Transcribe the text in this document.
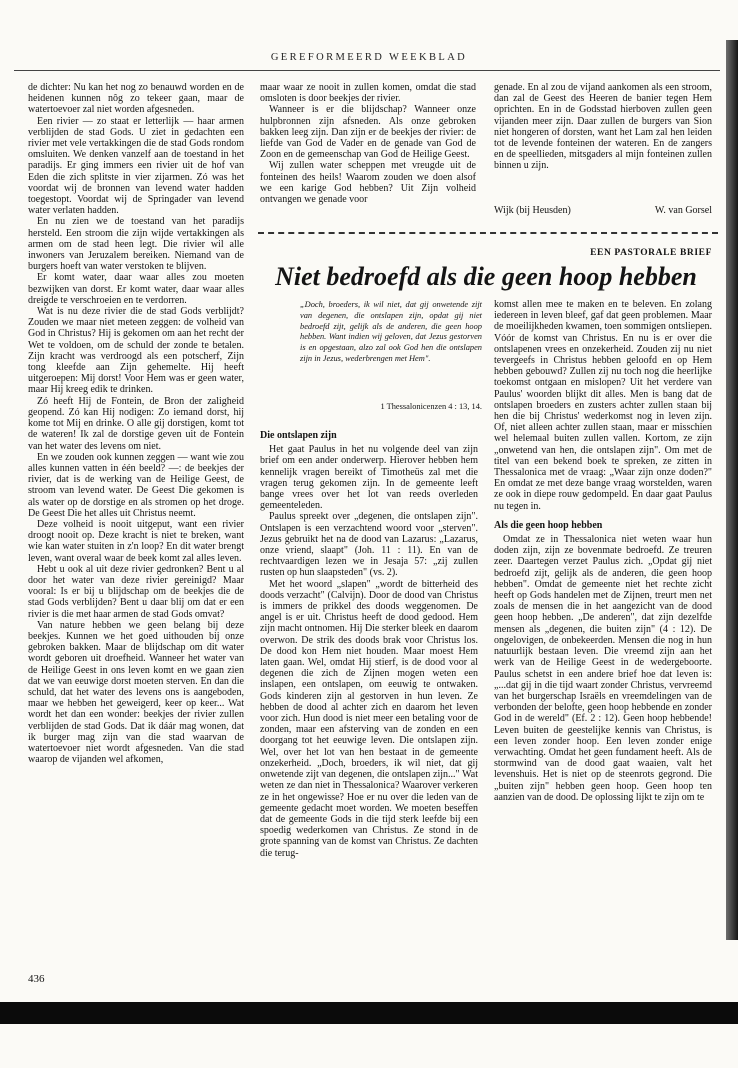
GEREFORMEERD WEEKBLAD

de dichter: Nu kan het nog zo benauwd worden en de heidenen kunnen nôg zo tekeer gaan, maar de watertoevoer zal niet worden afgesneden.

Een rivier — zo staat er letterlijk — haar armen verblijden de stad Gods. U ziet in gedachten een rivier met vele vertakkingen die de stad Gods rondom omsluiten. We denken vanzelf aan de toestand in het paradijs. Er ging immers een rivier uit de hof van Eden die zich splitste in vier zijarmen. Zó was het voordat wij de bronnen van levend water hadden toegestopt. Voordat wij de Springader van levend water verlaten hadden.

En nu zien we de toestand van het paradijs hersteld. Een stroom die zijn wijde vertakkingen als armen om de stad heen legt. Die rivier wil alle inwoners van Jeruzalem bereiken. Niemand van de burgers hoeft van water verstoken te blijven.

Er komt water, daar waar alles zou moeten bezwijken van dorst. Er komt water, daar waar alles dreigde te verschroeien en te verdorren.

Wat is nu deze rivier die de stad Gods verblijdt? Zouden we maar niet meteen zeggen: de volheid van God in Christus? Hij is gekomen om aan het recht der Wet te voldoen, om de schuld der zonde te betalen. Zijn kracht was verdroogd als een potscherf, Zijn tong kleefde aan Zijn gehemelte. Hij heeft uitgeroepen: Mij dorst! Voor Hem was er geen water, maar Hij kreeg edik te drinken.

Zó heeft Hij de Fontein, de Bron der zaligheid geopend. Zó kan Hij nodigen: Zo iemand dorst, hij kome tot Mij en drinke. O alle gij dorstigen, komt tot de wateren! Ik zal de dorstige geven uit de Fontein van het water des levens om niet.

En we zouden ook kunnen zeggen — want wie zou alles kunnen vatten in één beeld? —: de beekjes der rivier, dat is de werking van de Heilige Geest, de stroom van levend water. De Geest Die gekomen is als water op de dorstige en als stromen op het droge. De Geest Die het alles uit Christus neemt.

Deze volheid is nooit uitgeput, want een rivier droogt nooit op. Deze kracht is niet te breken, want wie kan water stuiten in z'n loop? En dit water brengt leven, want overal waar de beek komt zal alles leven.

Hebt u ook al uit deze rivier gedronken? Bent u al door het water van deze rivier gereinigd? Maar vooral: Is er bij u blijdschap om de beekjes die de stad Gods verblijden? Bent u daar blij om dat er een rivier is die met haar armen de stad Gods omvat?

Van nature hebben we geen belang bij deze beekjes. Kunnen we het goed uithouden bij onze gebroken bakken. Maar de blijdschap om dit water wordt geboren uit droefheid. Wanneer het water van de Heilige Geest in ons leven komt en we gaan zien dat we van eeuwige dorst moeten sterven. En dan die schuld, dat het water des levens ons is aangeboden, maar we hebben het geweigerd, keer op keer... Wat wordt het dan een wonder: beekjes der rivier zullen verblijden de stad Gods. Dat ik dáár mag wonen, dat ik burger mag zijn van die stad waarvan de watertoevoer niet wordt afgesneden. Van die stad waarop de vijanden wel afkomen,

maar waar ze nooit in zullen komen, omdat die stad omsloten is door beekjes der rivier.

Wanneer is er die blijdschap? Wanneer onze hulpbronnen zijn afsneden. Als onze gebroken bakken leeg zijn. Dan zijn er de beekjes der rivier: de liefde van God de Vader en de genade van God de Zoon en de gemeenschap van God de Heilige Geest.

Wij zullen water scheppen met vreugde uit de fonteinen des heils! Waarom zouden we doen alsof we een karige God hebben? Uit Zijn volheid ontvangen we genade voor

genade. En al zou de vijand aankomen als een stroom, dan zal de Geest des Heeren de banier tegen Hem oprichten. En in de Godsstad hierboven zullen geen vijanden meer zijn. Daar zullen de burgers van Sion niet hongeren of dorsten, want het Lam zal hen leiden tot de levende fonteinen der wateren. En de zangers en de speellieden, mitsgaders al mijn fonteinen zullen binnen u zijn.

Wijk (bij Heusden)	W. van Gorsel
EEN PASTORALE BRIEF
Niet bedroefd als die geen hoop hebben
„Doch, broeders, ik wil niet, dat gij onwetende zijt van degenen, die ontslapen zijn, opdat gij niet bedroefd zijt, gelijk als de anderen, die geen hoop hebben. Want indien wij geloven, dat Jezus gestorven is en opgestaan, alzo zal ook God hen die ontslapen zijn in Jezus, wederbrengen met Hem".
1 Thessalonicenzen 4 : 13, 14.
Die ontslapen zijn

Het gaat Paulus in het nu volgende deel van zijn brief om een ander onderwerp. Hierover hebben hem kennelijk vragen bereikt of Timotheüs zal met die vragen terug gekomen zijn. In de gemeente leeft bange vrees over het lot van reeds overleden gemeenteleden.

Paulus spreekt over „degenen, die ontslapen zijn". Ontslapen is een verzachtend woord voor „sterven". Jezus gebruikt het na de dood van Lazarus: „Lazarus, onze vriend, slaapt" (Joh. 11 : 11). En van de rechtvaardigen lezen we in Jesaja 57: „zij zullen rusten op hun slaapsteden" (vs. 2).

Met het woord „slapen" „wordt de bitterheid des doods verzacht" (Calvijn). Door de dood van Christus is immers de prikkel des doods weggenomen. De angel is er uit. Christus heeft de dood gedood. Hem zijn macht ontnomen. Hij Die sterker bleek en daarom overwon. De strik des doods brak voor Christus los. De dood kon Hem niet houden. Maar moest Hem laten gaan. Wel, omdat Hij stierf, is de dood voor al degenen die zich de Zijnen mogen weten een inslapen, een ontslapen, om eeuwig te ontwaken. Gods kinderen zijn al gestorven in hun leven. Ze hebben de dood al achter zich en daarom het leven voor zich. Hun dood is niet meer een betaling voor de zonden, maar een afsterving van de zonden en een doorgang tot het eeuwige leven. Die ontslapen zijn. Wel, over het lot van hen bestaat in de gemeente onzekerheid. „Doch, broeders, ik wil niet, dat gij onwetende zijt van degenen, die ontslapen zijn..." Wat weten ze dan niet in Thessalonica? Waarover verkeren ze in het ongewisse? Hoe er nu over die leden van de gemeente gedacht moet worden. We moeten beseffen dat de gemeente Gods in die tijd sterk leefde bij een spoedig wederkomen van Christus. Ze stond in de grote spanning van de komst van Christus. Ze dachten die terug-

komst allen mee te maken en te beleven. En zolang iedereen in leven bleef, gaf dat geen problemen. Maar de moeilijkheden kwamen, toen sommigen ontsliepen. Vóór de komst van Christus. En nu is er over die ontslapenen vrees en onzekerheid. Zouden zij nu niet tevergeefs in Christus hebben geloofd en op Hem hebben gebouwd? Zullen zij nu toch nog die heerlijke toekomst ontgaan en mislopen? Uit het verdere van Paulus' woorden blijkt dit alles. Men is bang dat de ontslapen broeders en zusters achter zullen staan bij hen die bij Christus' wederkomst nog in leven zijn. Of, niet alleen achter zullen staan, maar er misschien wel helemaal buiten zullen vallen. Kortom, ze zijn „onwetend van hen, die ontslapen zijn". Om met de titel van een bekend boek te spreken, ze zitten in Thessalonica met de vraag: „Waar zijn onze doden?" En omdat ze met deze bange vraag worstelden, waren ze ook in diepe rouw gedompeld. En daar gaat Paulus nu tegen in.

Als die geen hoop hebben

Omdat ze in Thessalonica niet weten waar hun doden zijn, zijn ze bovenmate bedroefd. Ze treuren zeer. Daartegen verzet Paulus zich. „Opdat gij niet bedroefd zijt, gelijk als de anderen, die geen hoop hebben". Omdat de gemeente niet het rechte zicht heeft op Gods handelen met de Zijnen, treurt men net zoals de mensen die in het aangezicht van de dood geen hoop hebben. „De anderen", dat zijn dezelfde mensen als „degenen, die buiten zijn" (4 : 12). De ongelovigen, de onbekeerden. Mensen die nog in hun natuurlijk bestaan leven. Die vreemd zijn aan het werk van de Heilige Geest in de wedergeboorte. Paulus schetst in een andere brief hoe dat leven is: „...dat gij in die tijd waart zonder Christus, vervreemd van het burgerschap Israëls en vreemdelingen van de verbonden der belofte, geen hoop hebbende en zonder God in de wereld" (Ef. 2 : 12). Geen hoop hebbende! Leven buiten de geestelijke kennis van Christus, is een leven zonder hoop. Een leven zonder enige verwachting. Omdat het geen fundament heeft. Als de stormwind van de dood gaat waaien, valt het levenshuis. Het is niet op de steenrots gegrond. Die „buiten zijn" hebben geen hoop. Geen hoop ten aanzien van de dood. De oplossing lijkt te zijn om te

436
